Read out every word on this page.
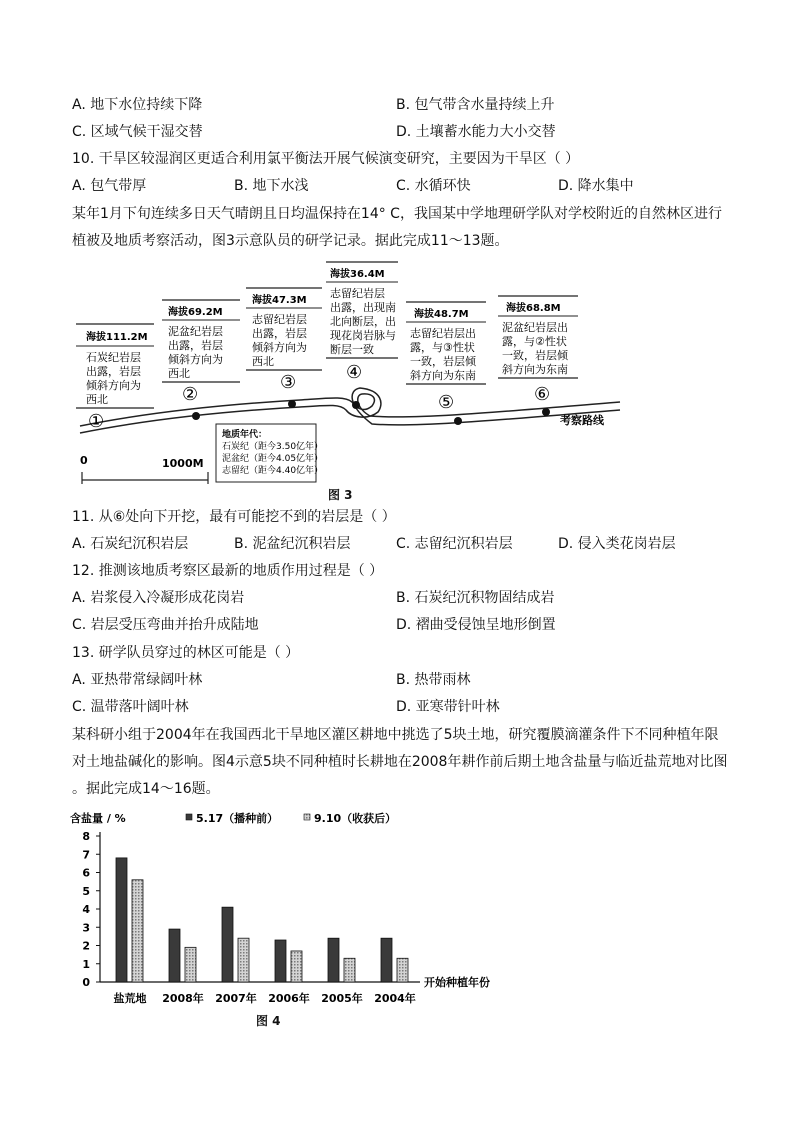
A. 地下水位持续下降	B. 包气带含水量持续上升
C. 区域气候干湿交替	D. 土壤蓄水能力大小交替
10. 干旱区较湿润区更适合利用氯平衡法开展气候演变研究，主要因为干旱区（ ）
A. 包气带厚	B. 地下水浅	C. 水循环快	D. 降水集中
某年1月下旬连续多日天气晴朗且日均温保持在14° C，我国某中学地理研学队对学校附近的自然林区进行
植被及地质考察活动，图3示意队员的研学记录。据此完成11～13题。
考察路线
海拔111.2M
石炭纪岩层
出露，岩层
倾斜方向为
西北
①
海拔69.2M
泥盆纪岩层
出露，岩层
倾斜方向为
西北
②
海拔47.3M
志留纪岩层
出露，岩层
倾斜方向为
西北
③
海拔36.4M
志留纪岩层
出露，出现南
北向断层，出
现花岗岩脉与
断层一致
④
海拔48.7M
志留纪岩层出
露，与③性状
一致，岩层倾
斜方向为东南
⑤
海拔68.8M
泥盆纪岩层出
露，与②性状
一致，岩层倾
斜方向为东南
⑥
地质年代：
石炭纪（距今3.50亿年）
泥盆纪（距今4.05亿年）
志留纪（距今4.40亿年）
0	1000M
图 3
11. 从⑥处向下开挖，最有可能挖不到的岩层是（ ）
A. 石炭纪沉积岩层	B. 泥盆纪沉积岩层	C. 志留纪沉积岩层	D. 侵入类花岗岩层
12. 推测该地质考察区最新的地质作用过程是（ ）
A. 岩浆侵入冷凝形成花岗岩	B. 石炭纪沉积物固结成岩
C. 岩层受压弯曲并抬升成陆地	D. 褶曲受侵蚀呈地形倒置
13. 研学队员穿过的林区可能是（ ）
A. 亚热带常绿阔叶林	B. 热带雨林
C. 温带落叶阔叶林	D. 亚寒带针叶林
某科研小组于2004年在我国西北干旱地区灌区耕地中挑选了5块土地，研究覆膜滴灌条件下不同种植年限
对土地盐碱化的影响。图4示意5块不同种植时长耕地在2008年耕作前后期土地含盐量与临近盐荒地对比图
。据此完成14～16题。
含盐量 / %	5.17（播种前）	9.10（收获后）
0
1
2
3
4
5
6
7
8
盐荒地 2008年 2007年 2006年 2005年 2004年
开始种植年份
图 4
